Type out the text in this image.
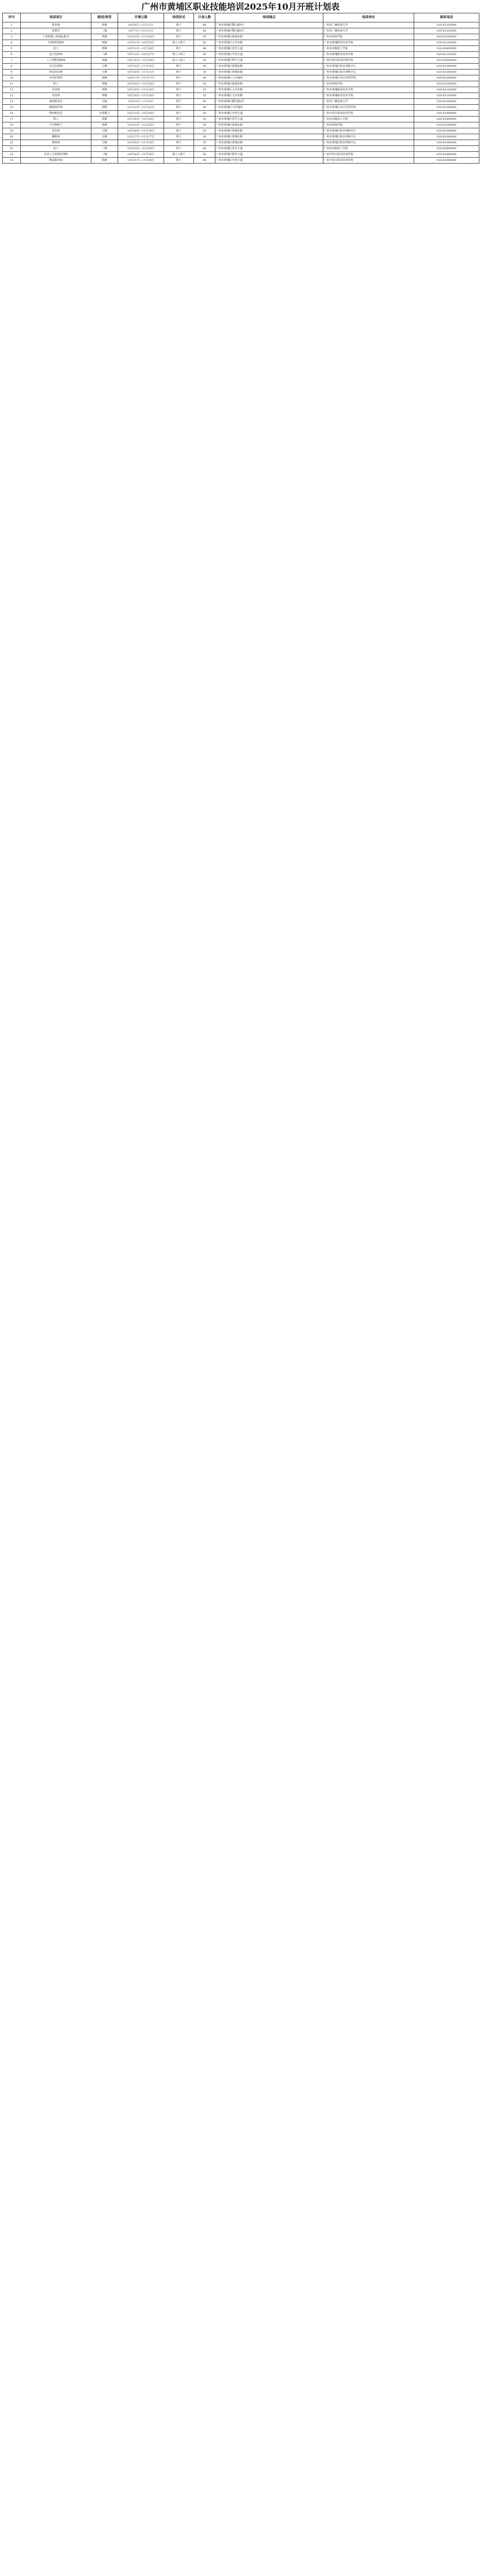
广州市黄埔区职业技能培训2025年10月开班计划表
序号	培训项目	级别/类型	开课日期	培训形式	计划人数	培训地点	培训单位	联系电话
1	保育师	四级	10月6日—11月11日	线下	40	广州市黄埔区蟹山路9号	广州市广播电视大学	020-82320000
2	育婴员	三级	10月7日—11月12日	线下	40	广州市黄埔区蟹山路9号	广州市广播电视大学	020-82320000
3	工业机器人系统运维员	四级	10月10日—11月20日	线下	30	广州市黄埔区新港东路	广州市技师学院	020-82250000
4	互联网营销师	四级	10月11日—10月25日	线上+线下	50	广州市黄埔区大沙东路	广州市黄埔职业技术学校	020-82210000
5	电工	四级	10月12日—11月30日	线下	40	广州市黄埔区香雪大道	广州市高级技工学校	020-82400000
6	电子商务师	三级	10月13日—10月27日	线上+线下	45	广州市黄埔区开创大道	广州市黄埔职业技术学校	020-82210000
7	人工智能训练师	四级	10月14日—11月14日	线上+线下	50	广州市黄埔区科学大道	广州开发区职业培训学校	020-82080000
8	中式烹调师	五级	10月15日—11月10日	线下	30	广州市黄埔区黄埔东路	广州市黄埔区职业训练中心	020-82380000
9	西式面点师	五级	10月16日—11月11日	线下	30	广州市黄埔区黄埔东路	广州市黄埔区职业训练中心	020-82380000
10	养老护理员	四级	10月17日—11月17日	线下	40	广州市黄埔区大沙地西	广州市黄埔区社区培训学校	020-82200000
11	焊工	四级	10月18日—12月18日	线下	30	广州市黄埔区新港东路	广州市技师学院	020-82250000
12	美容师	四级	10月19日—11月19日	线下	35	广州市黄埔区大沙东路	广州市黄埔职业技术学校	020-82210000
13	美发师	四级	10月20日—11月20日	线下	35	广州市黄埔区大沙东路	广州市黄埔职业技术学校	020-82210000
14	家政服务员	五级	10月21日—11月4日	线下	40	广州市黄埔区蟹山路9号	广州市广播电视大学	020-82320000
15	健康照护师	四级	10月22日—11月22日	线下	40	广州市黄埔区大沙地西	广州市黄埔区社区培训学校	020-82200000
16	网约配送员	专项能力	10月23日—10月30日	线下	50	广州市黄埔区开创大道	广州开发区职业培训学校	020-82080000
17	钳工	四级	10月24日—12月24日	线下	30	广州市黄埔区香雪大道	广州市高级技工学校	020-82400000
18	汽车维修工	四级	10月25日—12月25日	线下	30	广州市黄埔区新港东路	广州市技师学院	020-82250000
19	茶艺师	五级	10月26日—11月16日	线下	30	广州市黄埔区黄埔东路	广州市黄埔区职业训练中心	020-82380000
20	咖啡师	五级	10月27日—11月17日	线下	30	广州市黄埔区黄埔东路	广州市黄埔区职业训练中心	020-82380000
21	调饮师	五级	10月28日—11月18日	线下	30	广州市黄埔区黄埔东路	广州市黄埔区职业训练中心	020-82380000
22	电工	三级	10月29日—12月29日	线下	40	广州市黄埔区香雪大道	广州市高级技工学校	020-82400000
23	企业人力资源管理师	三级	10月30日—11月30日	线上+线下	50	广州市黄埔区科学大道	广州开发区职业培训学校	020-82080000
24	物流服务师	四级	10月31日—11月30日	线下	40	广州市黄埔区开创大道	广州开发区职业培训学校	020-82080000
